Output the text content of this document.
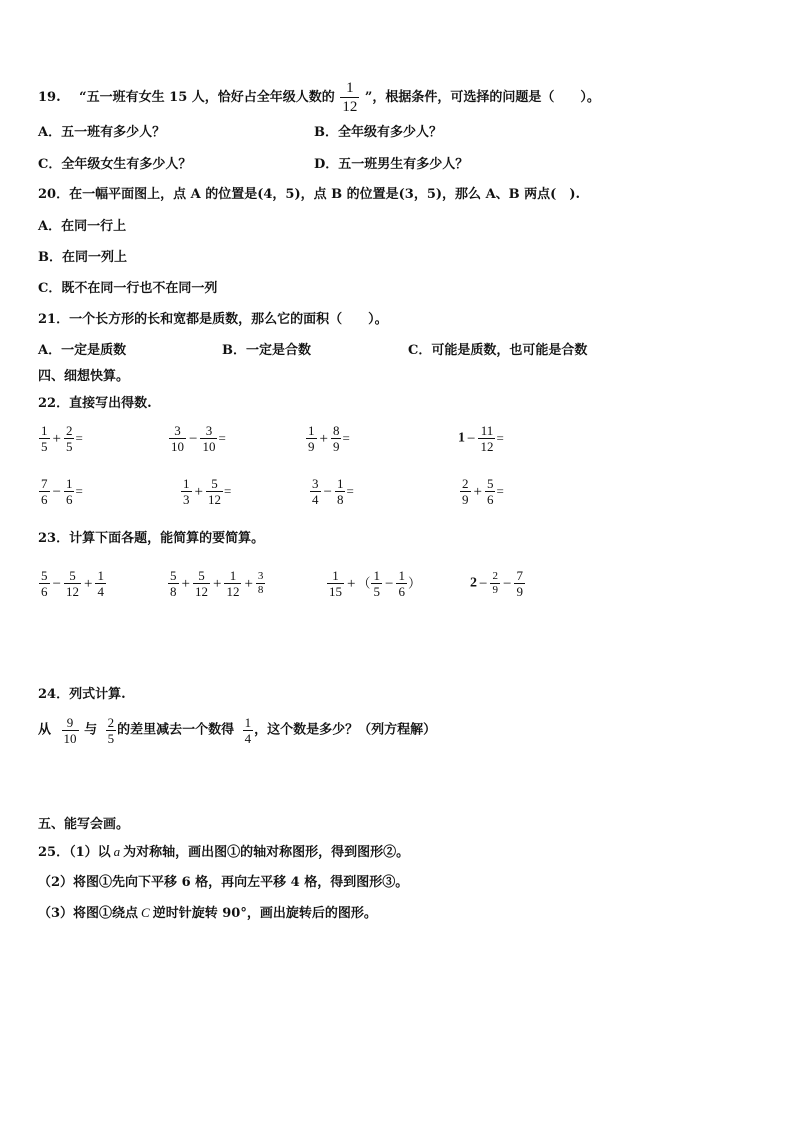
19. “五一班有女生 15 人，恰好占全年级人数的 $\frac{1}{12}$ ”，根据条件，可选择的问题是（　　）。
A．五一班有多少人？	B．全年级有多少人？
C．全年级女生有多少人？	D．五一班男生有多少人？
20．在一幅平面图上，点 A 的位置是(4，5)，点 B 的位置是(3，5)，那么 A、B 两点(　).
A．在同一行上
B．在同一列上
C．既不在同一行也不在同一列
21．一个长方形的长和宽都是质数，那么它的面积（　　）。
A．一定是质数	B．一定是合数	C．可能是质数，也可能是合数
四、细想快算。
22．直接写出得数.
$\frac{1}{5} + \frac{2}{5}$ =	$\frac{3}{10} - \frac{3}{10}$ =	$\frac{1}{9} + \frac{8}{9}$ =	$1 - \frac{11}{12}$ =
$\frac{7}{6} - \frac{1}{6}$ =	$\frac{1}{3} + \frac{5}{12}$ =	$\frac{3}{4} - \frac{1}{8}$ =	$\frac{2}{9} + \frac{5}{6}$ =
23．计算下面各题，能简算的要简算。
$\frac{5}{6} - \frac{5}{12} + \frac{1}{4}$	$\frac{5}{8} + \frac{5}{12} + \frac{1}{12} + \frac{3}{8}$	$\frac{1}{15}$ + （ $\frac{1}{5} - \frac{1}{6}$ ）	$2 - \frac{2}{9} - \frac{7}{9}$
24．列式计算.
从 $\frac{9}{10}$ 与 $\frac{2}{5}$ 的差里减去一个数得 $\frac{1}{4}$ ，这个数是多少？（列方程解）
五、能写会画。
25．（1）以 a 为对称轴，画出图①的轴对称图形，得到图形②。
（2）将图①先向下平移 6 格，再向左平移 4 格，得到图形③。
（3）将图①绕点 C 逆时针旋转 90°，画出旋转后的图形。
